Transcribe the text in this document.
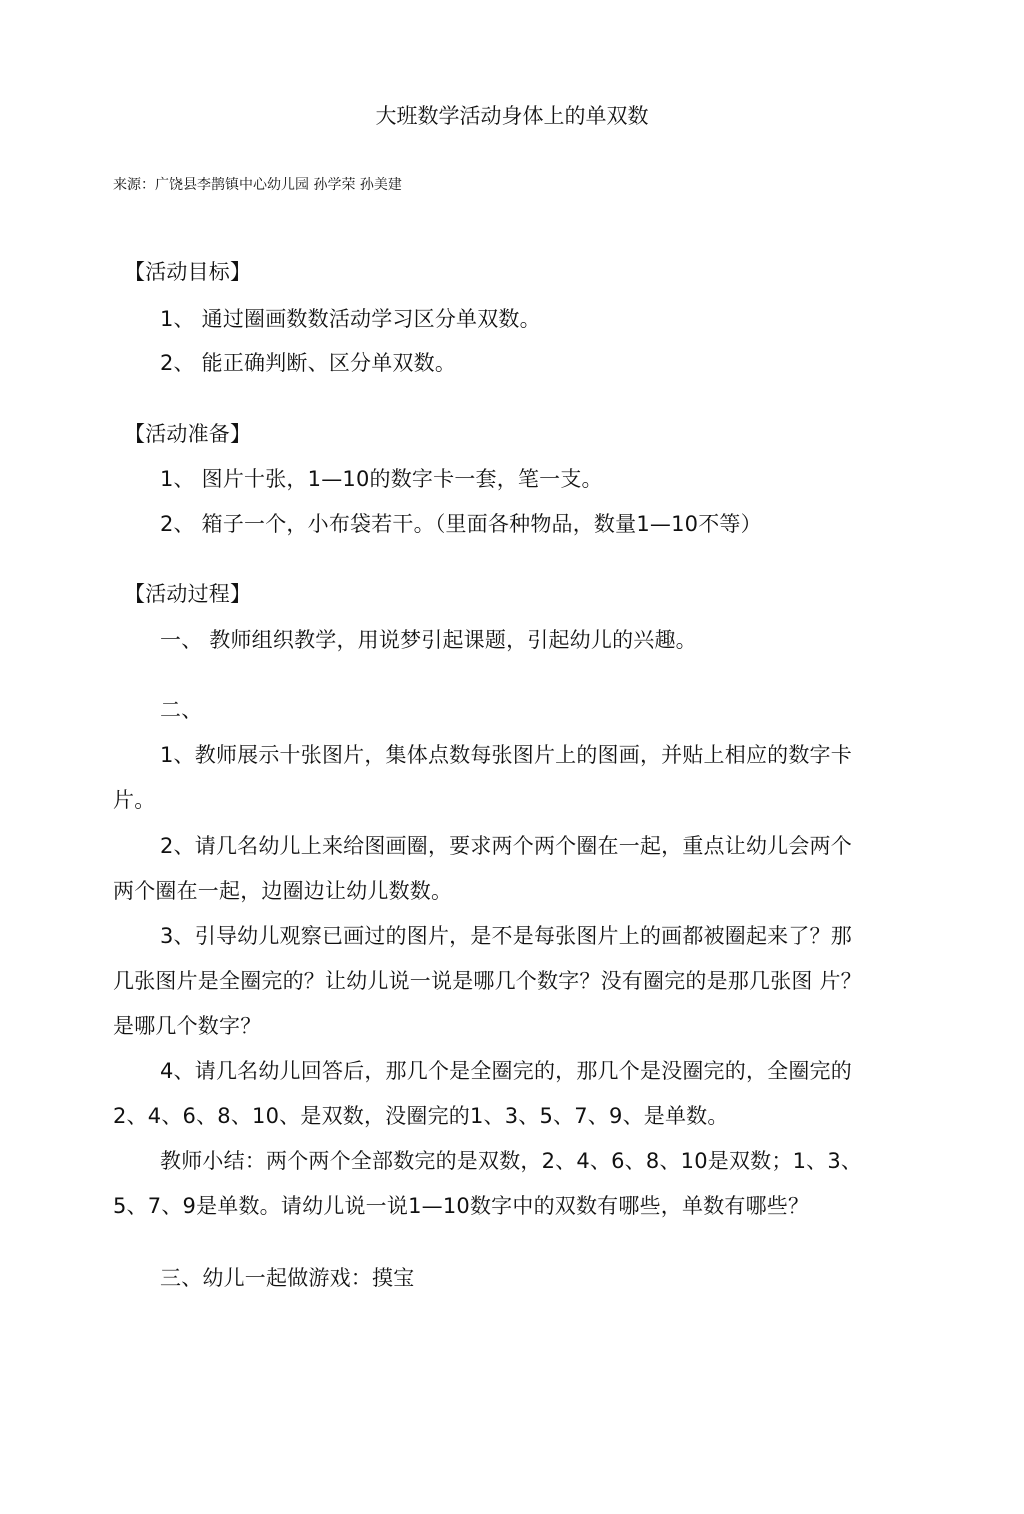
大班数学活动身体上的单双数
来源：广饶县李鹊镇中心幼儿园 孙学荣 孙美建
【活动目标】
1、 通过圈画数数活动学习区分单双数。
2、 能正确判断、区分单双数。
【活动准备】
1、 图片十张，1—10的数字卡一套，笔一支。
2、 箱子一个，小布袋若干。（里面各种物品，数量1—10不等）
【活动过程】
一、 教师组织教学，用说梦引起课题，引起幼儿的兴趣。
二、
1、教师展示十张图片，集体点数每张图片上的图画，并贴上相应的数字卡
片。
2、请几名幼儿上来给图画圈，要求两个两个圈在一起，重点让幼儿会两个
两个圈在一起，边圈边让幼儿数数。
3、引导幼儿观察已画过的图片，是不是每张图片上的画都被圈起来了？那
几张图片是全圈完的？让幼儿说一说是哪几个数字？没有圈完的是那几张图 片？
是哪几个数字？
4、请几名幼儿回答后，那几个是全圈完的，那几个是没圈完的，全圈完的
2、4、6、8、10、是双数，没圈完的1、3、5、7、9、是单数。
教师小结：两个两个全部数完的是双数，2、4、6、8、10是双数；1、3、
5、7、9是单数。请幼儿说一说1—10数字中的双数有哪些，单数有哪些？
三、幼儿一起做游戏：摸宝
